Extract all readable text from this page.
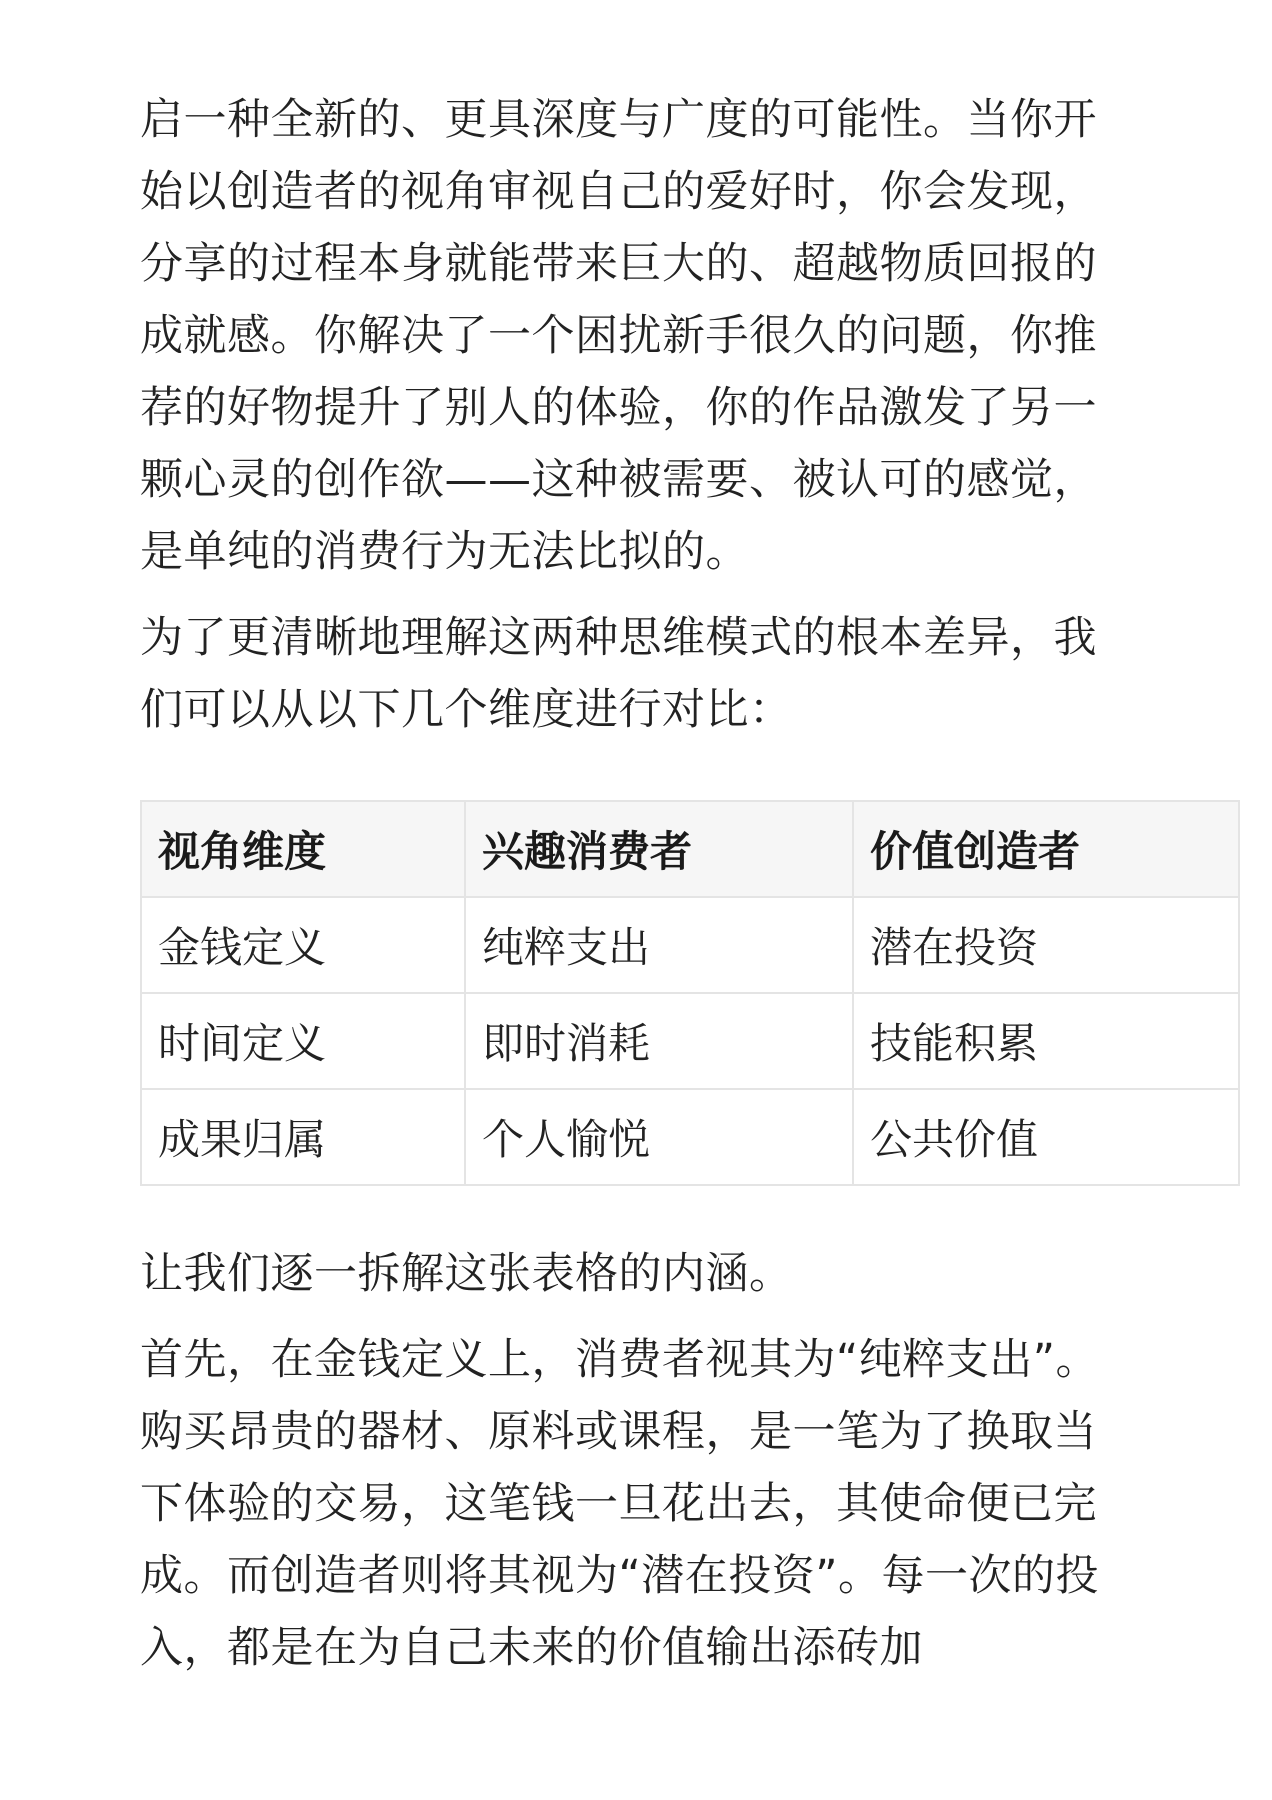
启一种全新的、更具深度与广度的可能性。当你开始以创造者的视角审视自己的爱好时，你会发现，分享的过程本身就能带来巨大的、超越物质回报的成就感。你解决了一个困扰新手很久的问题，你推荐的好物提升了别人的体验，你的作品激发了另一颗心灵的创作欲——这种被需要、被认可的感觉，是单纯的消费行为无法比拟的。

为了更清晰地理解这两种思维模式的根本差异，我们可以从以下几个维度进行对比：

视角维度	兴趣消费者	价值创造者
金钱定义	纯粹支出	潜在投资
时间定义	即时消耗	技能积累
成果归属	个人愉悦	公共价值

让我们逐一拆解这张表格的内涵。

首先，在金钱定义上，消费者视其为“纯粹支出”。购买昂贵的器材、原料或课程，是一笔为了换取当下体验的交易，这笔钱一旦花出去，其使命便已完成。而创造者则将其视为“潜在投资”。每一次的投入，都是在为自己未来的价值输出添砖加
